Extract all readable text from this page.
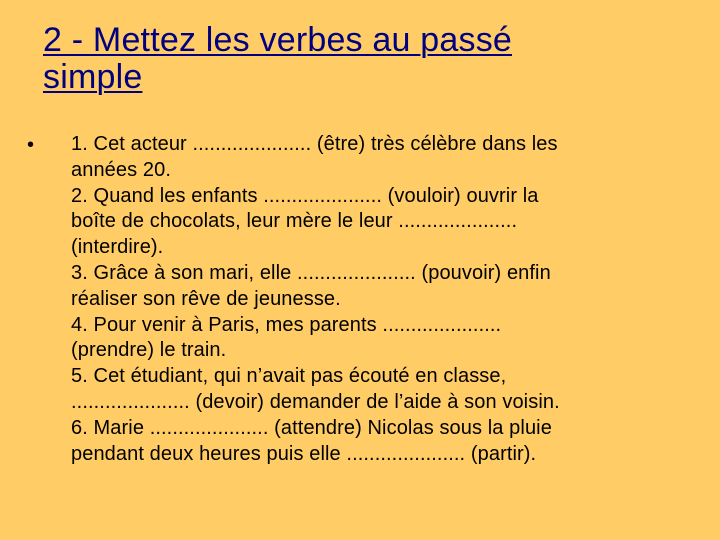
2 - Mettez les verbes au passé
simple
• 1. Cet acteur ..................... (être) très célèbre dans les
années 20.
2. Quand les enfants ..................... (vouloir) ouvrir la
boîte de chocolats, leur mère le leur .....................
(interdire).
3. Grâce à son mari, elle ..................... (pouvoir) enfin
réaliser son rêve de jeunesse.
4. Pour venir à Paris, mes parents .....................
(prendre) le train.
5. Cet étudiant, qui n’avait pas écouté en classe,
..................... (devoir) demander de l’aide à son voisin.
6. Marie ..................... (attendre) Nicolas sous la pluie
pendant deux heures puis elle ..................... (partir).
